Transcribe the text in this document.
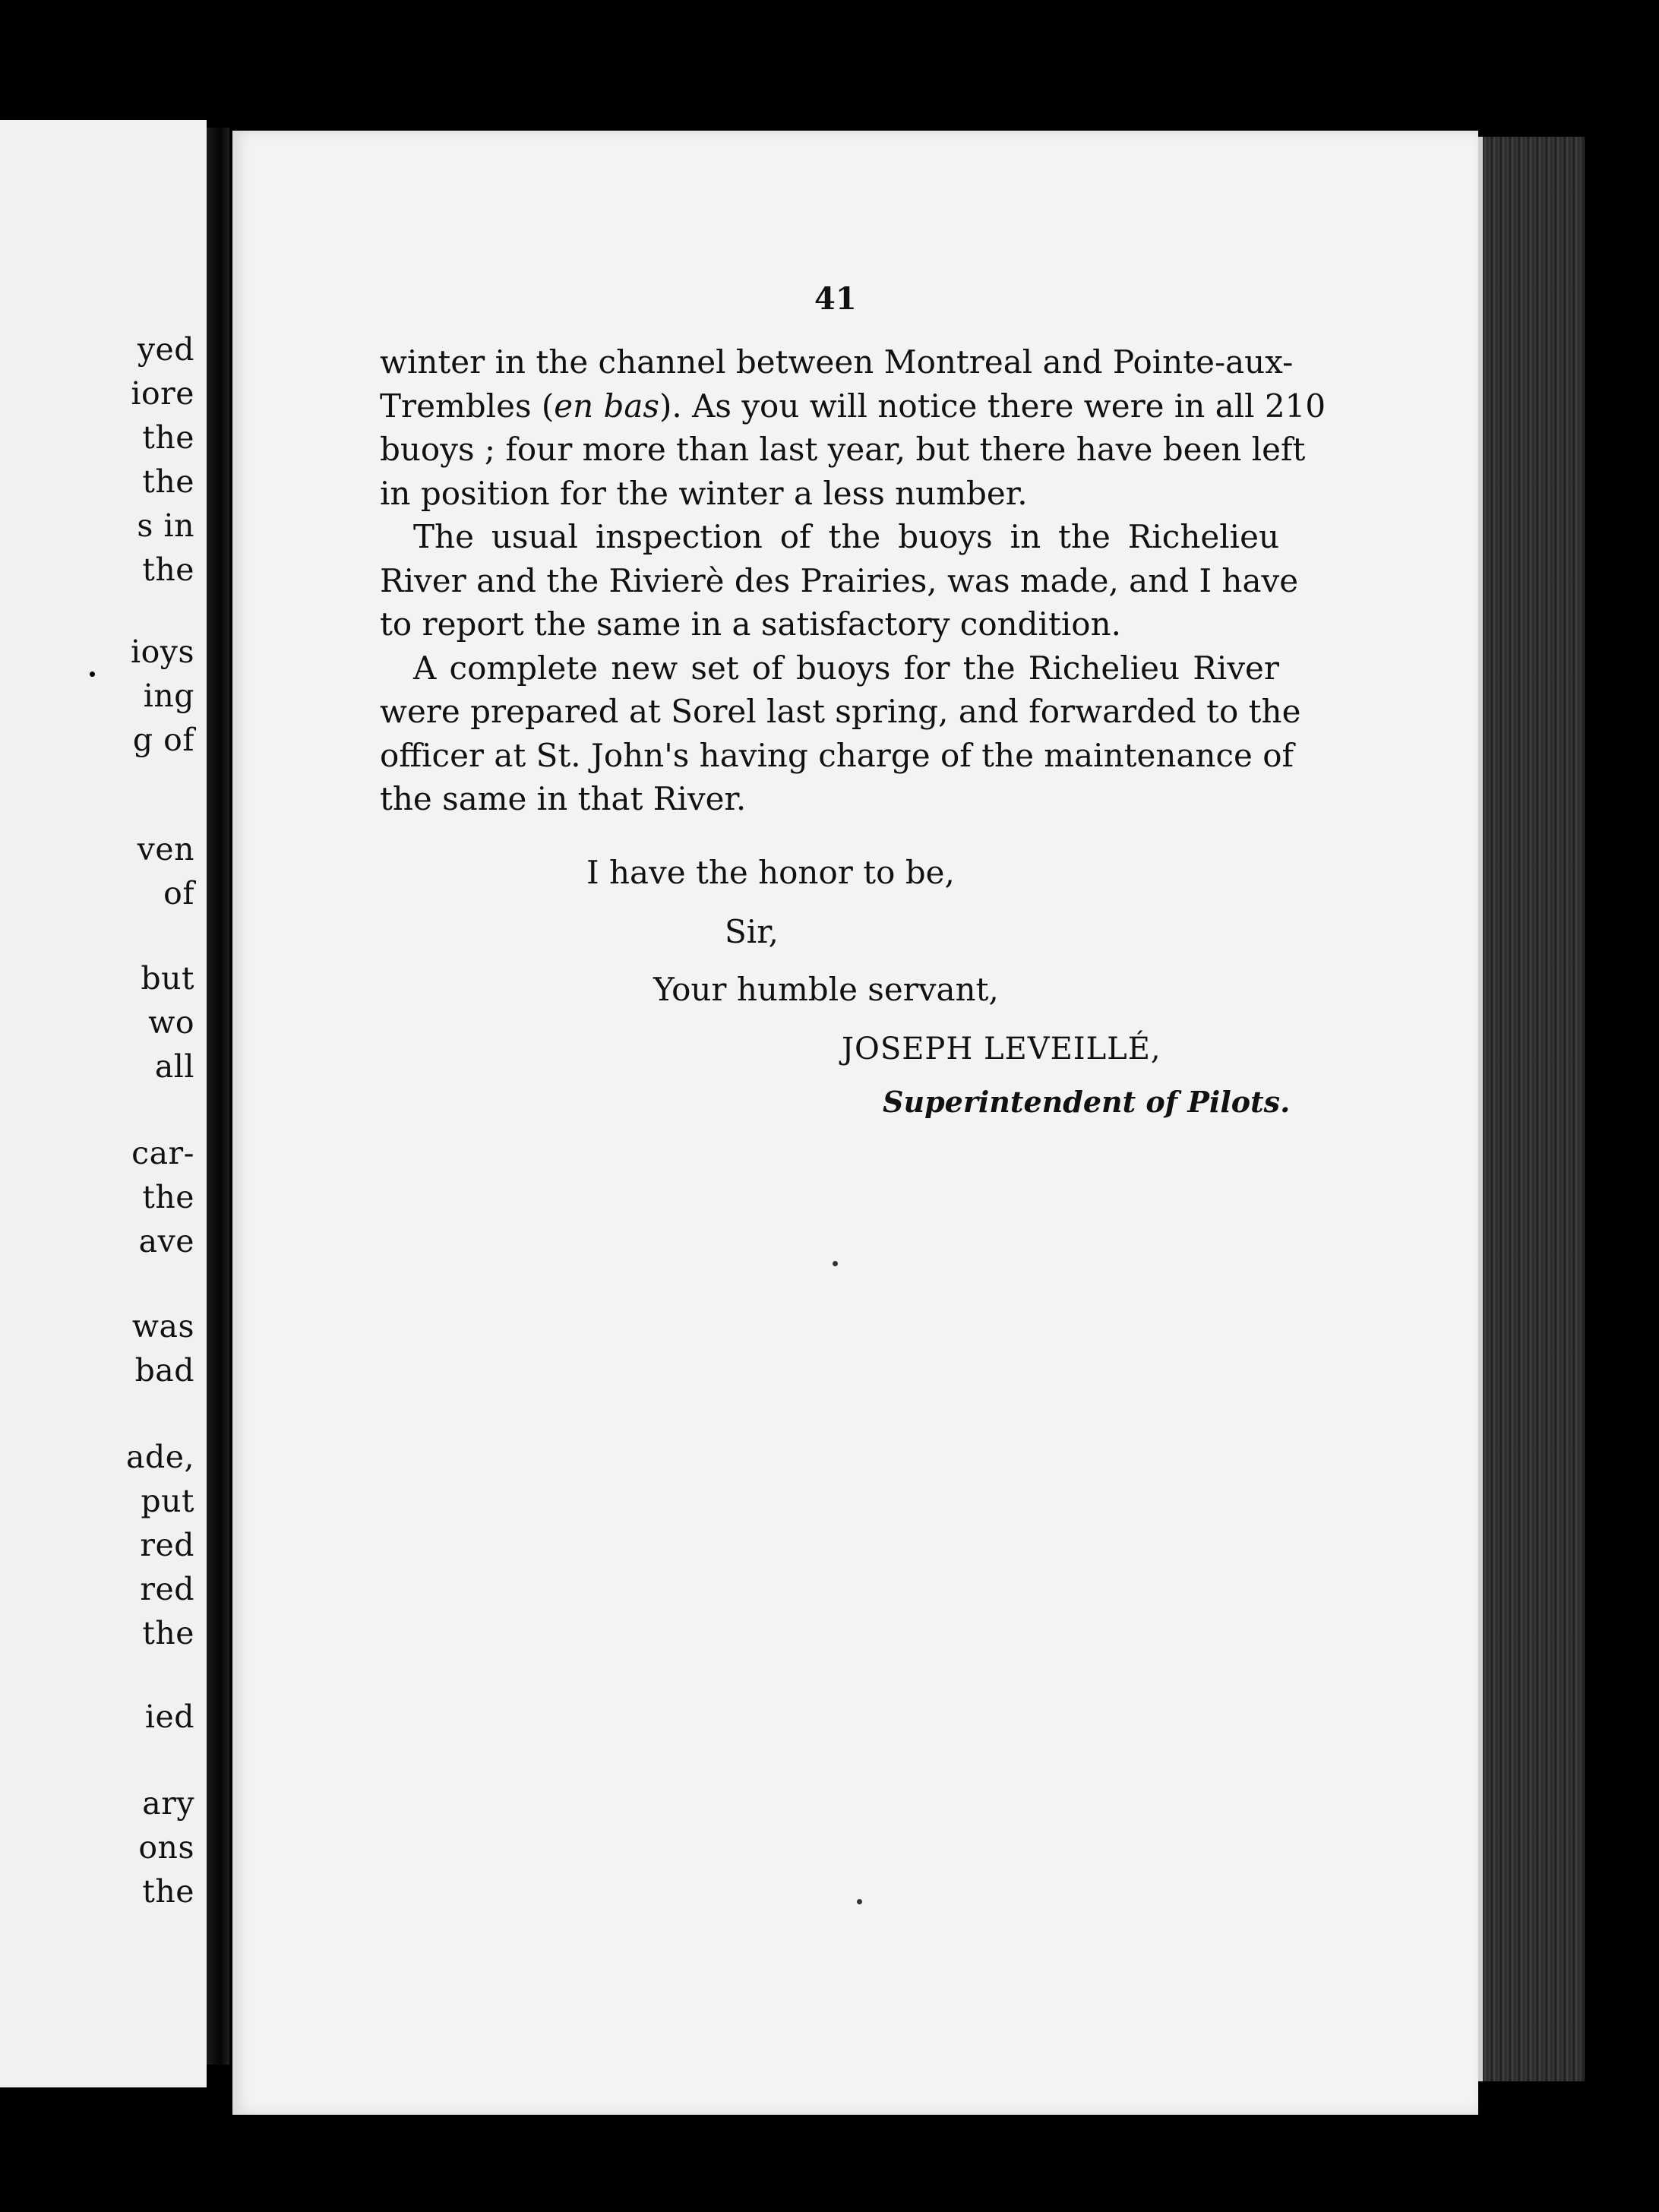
yed
iore
the
the
s in
the
ioys
ing
g of
ven
of
but
wo
all
car-
the
ave
was
bad
ade,
put
red
red
the
ied
ary
ons
the
41
winter in the channel between Montreal and Pointe-aux-
Trembles (en bas). As you will notice there were in all 210
buoys ; four more than last year, but there have been left
in position for the winter a less number.
The usual inspection of the buoys in the Richelieu
River and the Rivierè des Prairies, was made, and I have
to report the same in a satisfactory condition.
A complete new set of buoys for the Richelieu River
were prepared at Sorel last spring, and forwarded to the
officer at St. John's having charge of the maintenance of
the same in that River.
I have the honor to be,
Sir,
Your humble servant,
JOSEPH LEVEILLÉ,
Superintendent of Pilots.
